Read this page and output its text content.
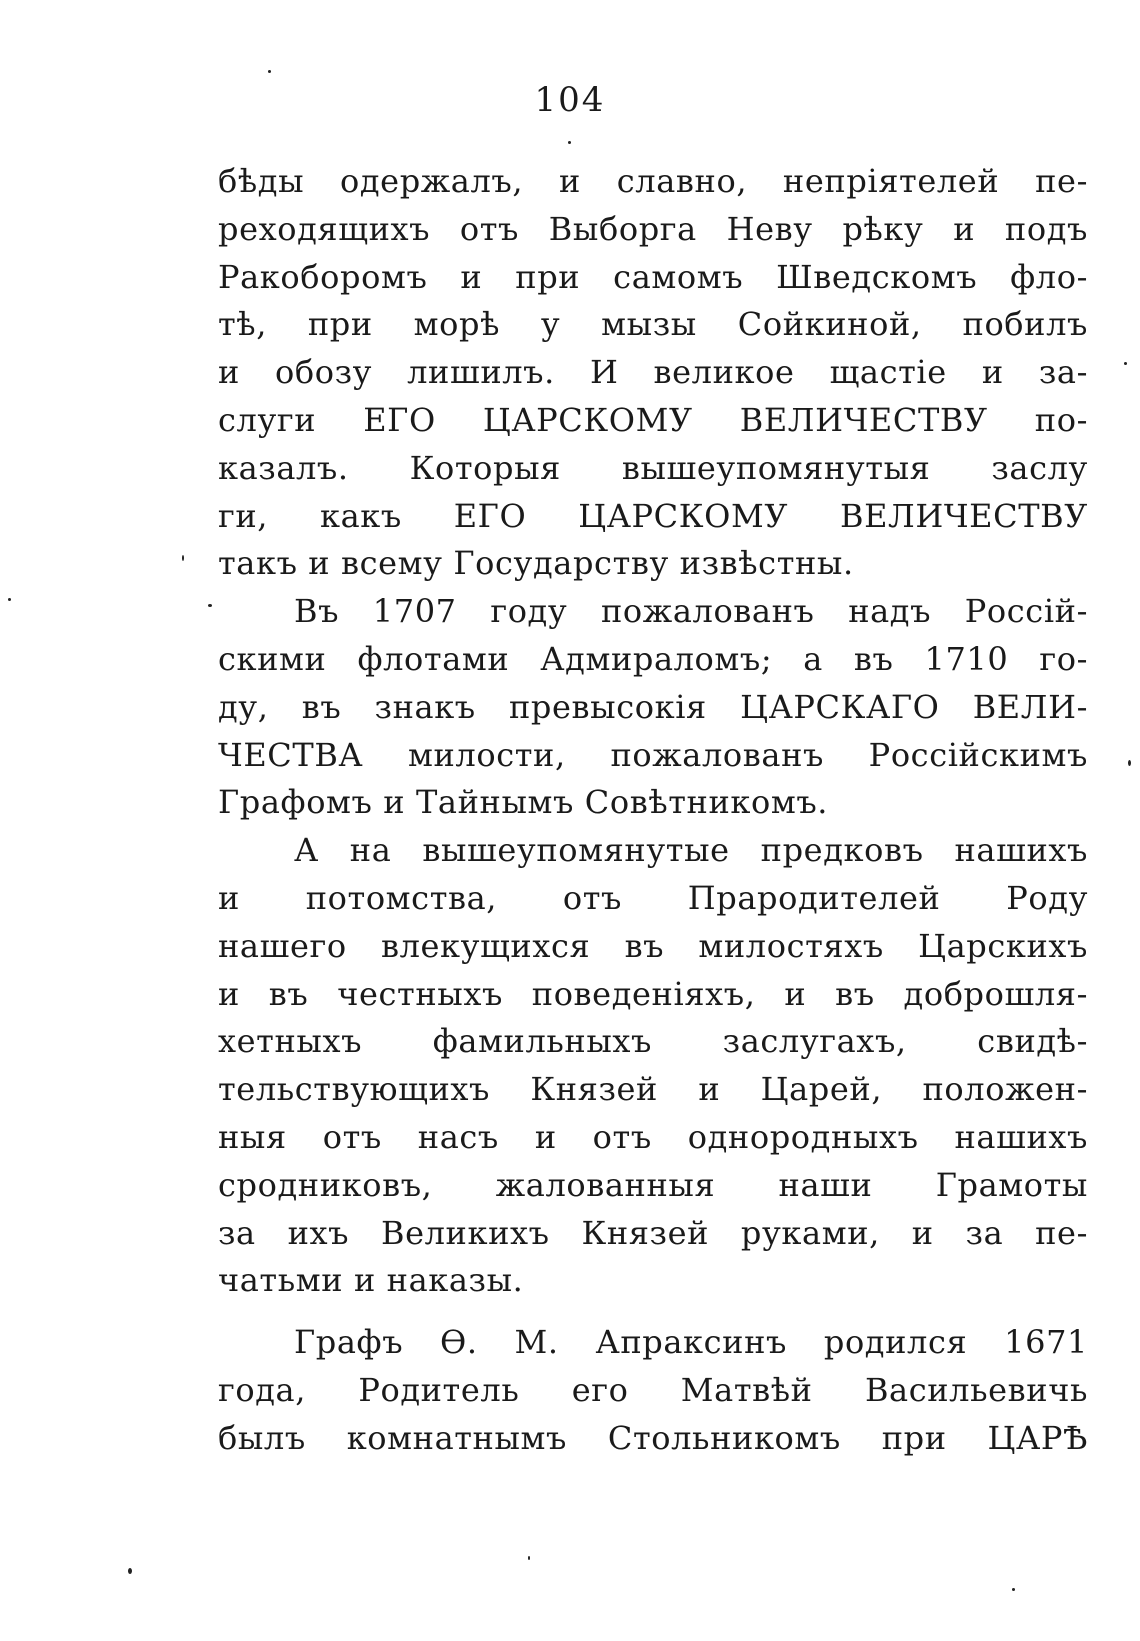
104
бѣды одержалъ, и славно, непріятелей пе-
реходящихъ отъ Выборга Неву рѣку и подъ
Ракоборомъ и при самомъ Шведскомъ фло-
тѣ, при морѣ у мызы Сойкиной, побилъ
и обозу лишилъ. И великое щастіе и за-
слуги ЕГО ЦАРСКОМУ ВЕЛИЧЕСТВУ по-
казалъ. Которыя вышеупомянутыя заслу
ги, какъ ЕГО ЦАРСКОМУ ВЕЛИЧЕСТВУ
такъ и всему Государству извѣстны.
Въ 1707 году пожалованъ надъ Россій-
скими флотами Адмираломъ; а въ 1710 го-
ду, въ знакъ превысокія ЦАРСКАГО ВЕЛИ-
ЧЕСТВА милости, пожалованъ Россійскимъ
Графомъ и Тайнымъ Совѣтникомъ.
А на вышеупомянутые предковъ нашихъ
и потомства, отъ Прародителей Роду
нашего влекущихся въ милостяхъ Царскихъ
и въ честныхъ поведеніяхъ, и въ доброшля-
хетныхъ фамильныхъ заслугахъ, свидѣ-
тельствующихъ Князей и Царей, положен-
ныя отъ насъ и отъ однородныхъ нашихъ
сродниковъ, жалованныя наши Грамоты
за ихъ Великихъ Князей руками, и за пе-
чатьми и наказы.
Графъ Ѳ. М. Апраксинъ родился 1671
года, Родитель его Матвѣй Васильевичь
былъ комнатнымъ Стольникомъ при ЦАРѢ
